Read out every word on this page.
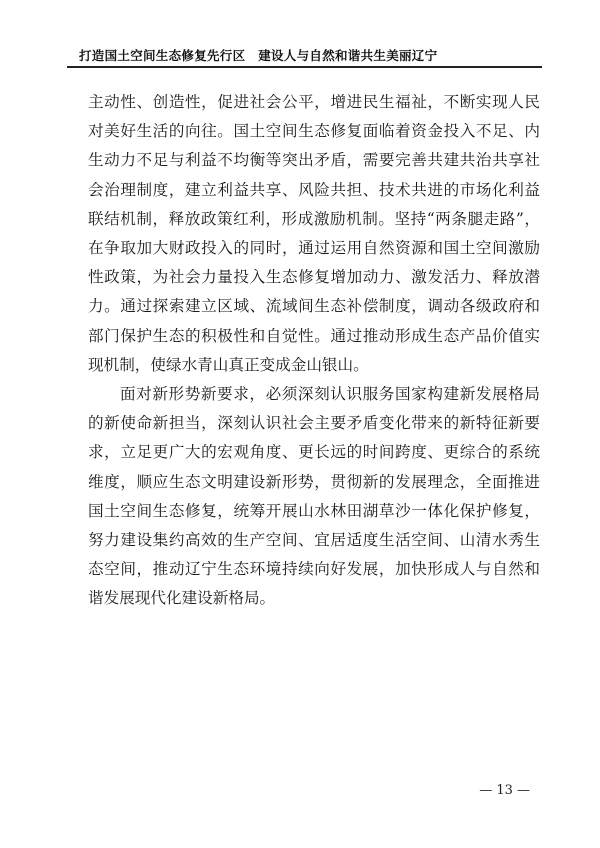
打造国土空间生态修复先行区　建设人与自然和谐共生美丽辽宁

主动性、创造性，促进社会公平，增进民生福祉，不断实现人民对美好生活的向往。国土空间生态修复面临着资金投入不足、内生动力不足与利益不均衡等突出矛盾，需要完善共建共治共享社会治理制度，建立利益共享、风险共担、技术共进的市场化利益联结机制，释放政策红利，形成激励机制。坚持“两条腿走路”，在争取加大财政投入的同时，通过运用自然资源和国土空间激励性政策，为社会力量投入生态修复增加动力、激发活力、释放潜力。通过探索建立区域、流域间生态补偿制度，调动各级政府和部门保护生态的积极性和自觉性。通过推动形成生态产品价值实现机制，使绿水青山真正变成金山银山。

面对新形势新要求，必须深刻认识服务国家构建新发展格局的新使命新担当，深刻认识社会主要矛盾变化带来的新特征新要求，立足更广大的宏观角度、更长远的时间跨度、更综合的系统维度，顺应生态文明建设新形势，贯彻新的发展理念，全面推进国土空间生态修复，统筹开展山水林田湖草沙一体化保护修复，努力建设集约高效的生产空间、宜居适度生活空间、山清水秀生态空间，推动辽宁生态环境持续向好发展，加快形成人与自然和谐发展现代化建设新格局。

— 13 —
